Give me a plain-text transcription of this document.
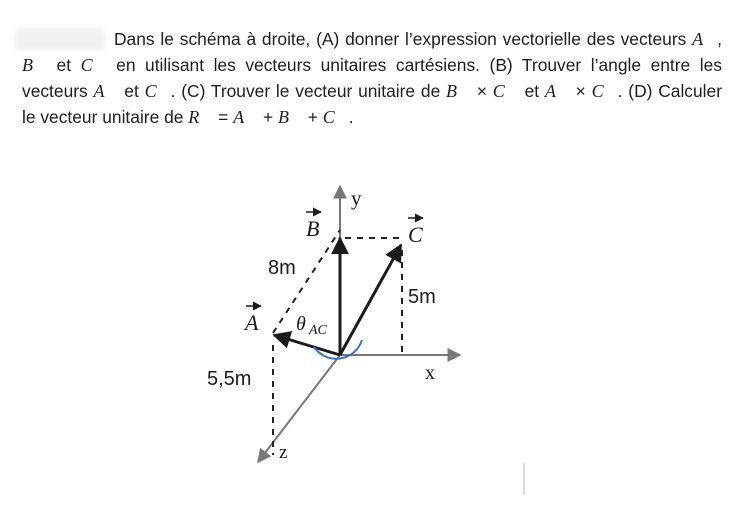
Dans le schéma à droite, (A) donner l’expression vectorielle des vecteurs A⃗, B⃗ et C⃗ en utilisant les vecteurs unitaires cartésiens. (B) Trouver l’angle entre les vecteurs A⃗ et C⃗. (C) Trouver le vecteur unitaire de B⃗ × C⃗ et A⃗ × C⃗. (D) Calculer le vecteur unitaire de R⃗ = A⃗ + B⃗ + C⃗.

y
x
z
B	C
A
8m
5m
5,5m
θ AC
